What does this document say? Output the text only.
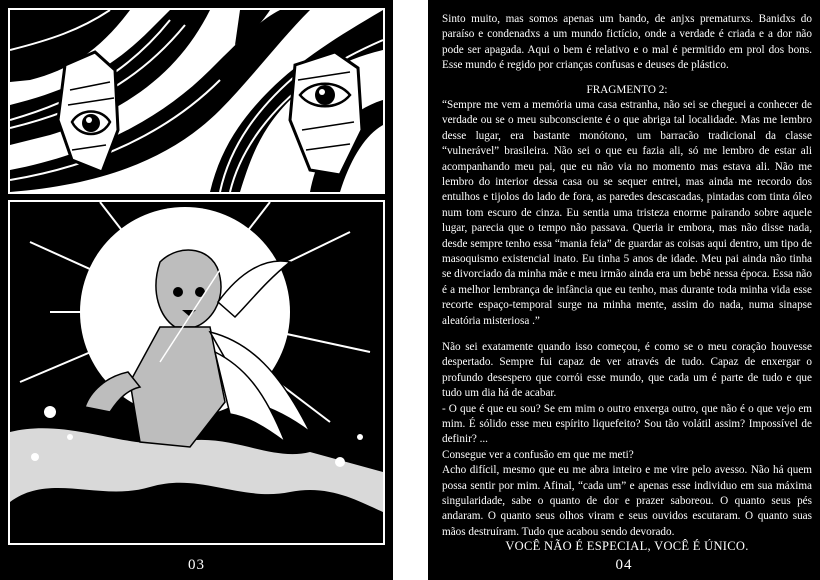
03
Sinto muito, mas somos apenas um bando, de anjxs prematurxs. Banidxs do paraíso e condenadxs a um mundo fictício, onde a verdade é criada e a dor não pode ser apagada. Aqui o bem é relativo e o mal é permitido em prol dos bons. Esse mundo é regido por crianças confusas e deuses de plástico.
FRAGMENTO 2:
“Sempre me vem a memória uma casa estranha, não sei se cheguei a conhecer de verdade ou se o meu subconsciente é o que abriga tal localidade. Mas me lembro desse lugar, era bastante monótono, um barracão tradicional da classe “vulnerável” brasileira. Não sei o que eu fazia ali, só me lembro de estar ali acompanhando meu pai, que eu não via no momento mas estava ali. Não me lembro do interior dessa casa ou se sequer entrei, mas ainda me recordo dos entulhos e tijolos do lado de fora, as paredes descascadas, pintadas com tinta óleo num tom escuro de cinza. Eu sentia uma tristeza enorme pairando sobre aquele lugar, parecia que o tempo não passava. Queria ir embora, mas não disse nada, desde sempre tenho essa “mania feia” de guardar as coisas aqui dentro, um tipo de masoquismo existencial inato. Eu tinha 5 anos de idade. Meu pai ainda não tinha se divorciado da minha mãe e meu irmão ainda era um bebê nessa época. Essa não é a melhor lembrança de infância que eu tenho, mas durante toda minha vida esse recorte espaço-temporal surge na minha mente, assim do nada, numa sinapse aleatória misteriosa .”
Não sei exatamente quando isso começou, é como se o meu coração houvesse despertado. Sempre fui capaz de ver através de tudo. Capaz de enxergar o profundo desespero que corrói esse mundo, que cada um é parte de tudo e que tudo um dia há de acabar.
- O que é que eu sou? Se em mim o outro enxerga outro, que não é o que vejo em mim. É sólido esse meu espírito liquefeito? Sou tão volátil assim? Impossível de definir? ...
Consegue ver a confusão em que me meti?
Acho difícil, mesmo que eu me abra inteiro e me vire pelo avesso. Não há quem possa sentir por mim. Afinal, “cada um” e apenas esse individuo em sua máxima singularidade, sabe o quanto de dor e prazer saboreou. O quanto seus pés andaram. O quanto seus olhos viram e seus ouvidos escutaram. O quanto suas mãos destruíram. Tudo que acabou sendo devorado.
VOCÊ NÃO É ESPECIAL, VOCÊ É ÚNICO.
04
